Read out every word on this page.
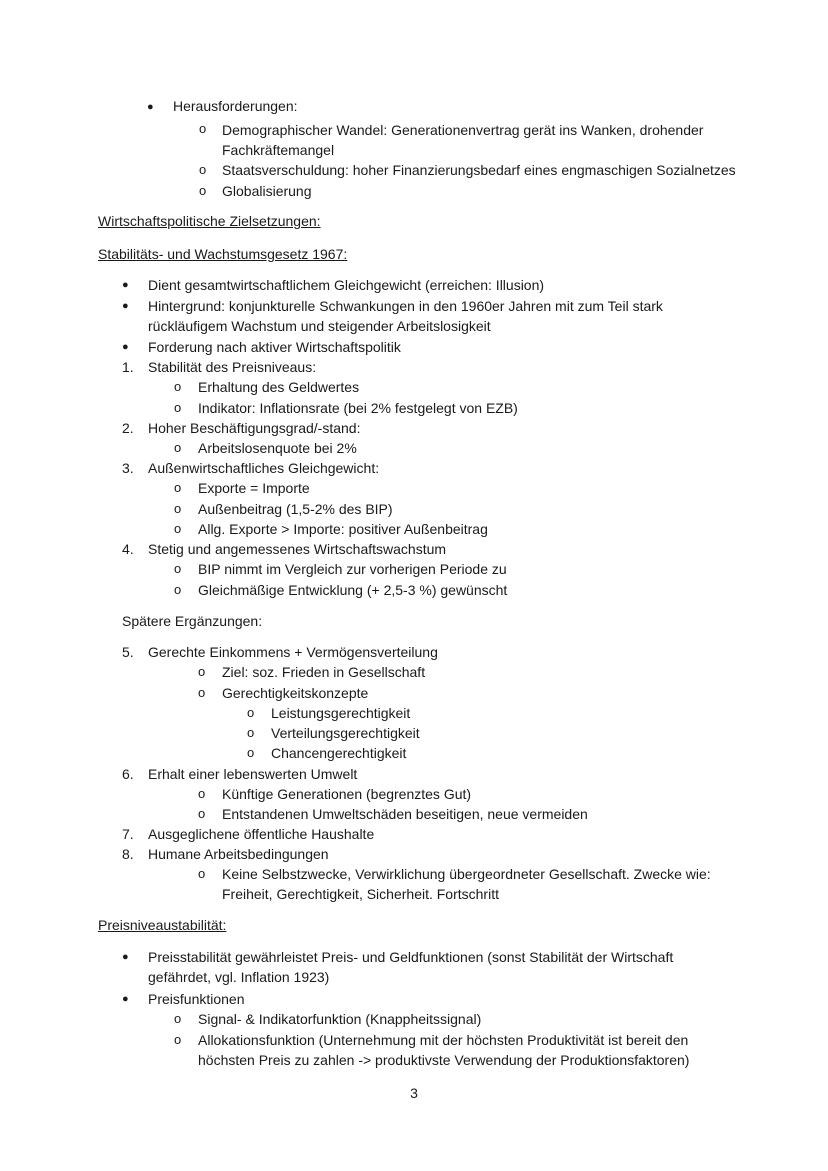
● Herausforderungen:
o Demographischer Wandel: Generationenvertrag gerät ins Wanken, drohender Fachkräftemangel
o Staatsverschuldung: hoher Finanzierungsbedarf eines engmaschigen Sozialnetzes
o Globalisierung
Wirtschaftspolitische Zielsetzungen:
Stabilitäts- und Wachstumsgesetz 1967:
● Dient gesamtwirtschaftlichem Gleichgewicht (erreichen: Illusion)
● Hintergrund: konjunkturelle Schwankungen in den 1960er Jahren mit zum Teil stark rückläufigem Wachstum und steigender Arbeitslosigkeit
● Forderung nach aktiver Wirtschaftspolitik
1. Stabilität des Preisniveaus:
o Erhaltung des Geldwertes
o Indikator: Inflationsrate (bei 2% festgelegt von EZB)
2. Hoher Beschäftigungsgrad/-stand:
o Arbeitslosenquote bei 2%
3. Außenwirtschaftliches Gleichgewicht:
o Exporte = Importe
o Außenbeitrag (1,5-2% des BIP)
o Allg. Exporte > Importe: positiver Außenbeitrag
4. Stetig und angemessenes Wirtschaftswachstum
o BIP nimmt im Vergleich zur vorherigen Periode zu
o Gleichmäßige Entwicklung (+ 2,5-3 %) gewünscht
Spätere Ergänzungen:
5. Gerechte Einkommens + Vermögensverteilung
o Ziel: soz. Frieden in Gesellschaft
o Gerechtigkeitskonzepte
o Leistungsgerechtigkeit
o Verteilungsgerechtigkeit
o Chancengerechtigkeit
6. Erhalt einer lebenswerten Umwelt
o Künftige Generationen (begrenztes Gut)
o Entstandenen Umweltschäden beseitigen, neue vermeiden
7. Ausgeglichene öffentliche Haushalte
8. Humane Arbeitsbedingungen
o Keine Selbstzwecke, Verwirklichung übergeordneter Gesellschaft. Zwecke wie: Freiheit, Gerechtigkeit, Sicherheit. Fortschritt
Preisniveaustabilität:
● Preisstabilität gewährleistet Preis- und Geldfunktionen (sonst Stabilität der Wirtschaft gefährdet, vgl. Inflation 1923)
● Preisfunktionen
o Signal- & Indikatorfunktion (Knappheitssignal)
o Allokationsfunktion (Unternehmung mit der höchsten Produktivität ist bereit den höchsten Preis zu zahlen -> produktivste Verwendung der Produktionsfaktoren)
3
